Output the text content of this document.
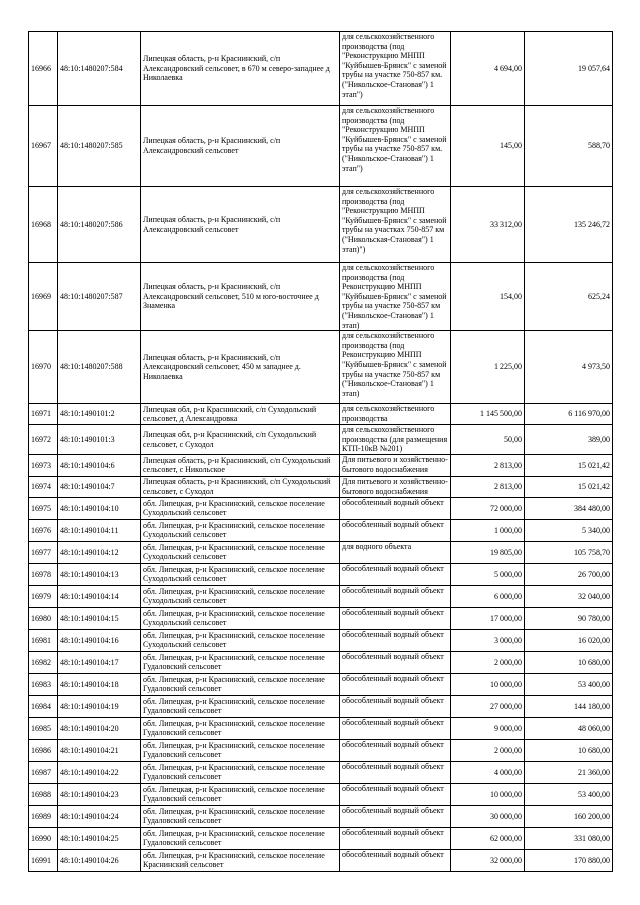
16966	48:10:1480207:584	Липецкая область, р-н Краснинский, с/п Александровский сельсовет, в 670 м северо-западнее д Николаевка	для сельскохозяйственного производства (под "Реконструкцию МНПП "Куйбышев-Брянск" с заменой трубы на участке 750-857 км. ("Никольское-Становая") 1 этап")	4 694,00	19 057,64
16967	48:10:1480207:585	Липецкая область, р-н Краснинский, с/п Александровский сельсовет	для сельскохозяйственного производства (под "Реконструкцию МНПП "Куйбышев-Брянск" с заменой трубы на участке 750-857 км. ("Никольское-Становая") 1 этап")	145,00	588,70
16968	48:10:1480207:586	Липецкая область, р-н Краснинский, с/п Александровский сельсовет	для сельскохозяйственного производства (под "Реконструкцию МНПП "Куйбышев-Брянск" с заменой трубы на участках 750-857 км ("Никольская-Становая") 1 этап)")	33 312,00	135 246,72
16969	48:10:1480207:587	Липецкая область, р-н Краснинский, с/п Александровский сельсовет, 510 м юго-восточнее д Знаменка	для сельскохозяйственного производства (под Реконструкцию МНПП "Куйбышев-Брянск" с заменой трубы на участке 750-857 км ("Никольское-Становая") 1 этап)	154,00	625,24
16970	48:10:1480207:588	Липецкая область, р-н Краснинский, с/п Александровский сельсовет, 450 м западнее д. Николаевка	для сельскохозяйственного производства (под Реконструкцию МНПП "Куйбышев-Брянск" с заменой трубы на участке 750-857 км ("Никольское-Становая") 1 этап)	1 225,00	4 973,50
16971	48:10:1490101:2	Липецкая обл, р-н Краснинский, с/п Суходольский сельсовет, д Александровка	для сельскохозяйственного производства	1 145 500,00	6 116 970,00
16972	48:10:1490101:3	Липецкая обл, р-н Краснинский, с/п Суходольский сельсовет, с Суходол	для сельскохозяйственного производства (для размещения КТП-10кВ №201)	50,00	389,00
16973	48:10:1490104:6	Липецкая область, р-н Краснинский, с/п Суходольский сельсовет, с Никольское	Для питьевого и хозяйственно-бытового водоснабжения	2 813,00	15 021,42
16974	48:10:1490104:7	Липецкая область, р-н Краснинский, с/п Суходольский сельсовет, с Суходол	Для питьевого и хозяйственно-бытового водоснабжения	2 813,00	15 021,42
16975	48:10:1490104:10	обл. Липецкая, р-н Краснинский, сельское поселение Суходольский сельсовет	обособленный водный объект	72 000,00	384 480,00
16976	48:10:1490104:11	обл. Липецкая, р-н Краснинский, сельское поселение Суходольский сельсовет	обособленный водный объект	1 000,00	5 340,00
16977	48:10:1490104:12	обл. Липецкая, р-н Краснинский, сельское поселение Суходольский сельсовет	для водного объекта	19 805,00	105 758,70
16978	48:10:1490104:13	обл. Липецкая, р-н Краснинский, сельское поселение Суходольский сельсовет	обособленный водный объект	5 000,00	26 700,00
16979	48:10:1490104:14	обл. Липецкая, р-н Краснинский, сельское поселение Суходольский сельсовет	обособленный водный объект	6 000,00	32 040,00
16980	48:10:1490104:15	обл. Липецкая, р-н Краснинский, сельское поселение Суходольский сельсовет	обособленный водный объект	17 000,00	90 780,00
16981	48:10:1490104:16	обл. Липецкая, р-н Краснинский, сельское поселение Суходольский сельсовет	обособленный водный объект	3 000,00	16 020,00
16982	48:10:1490104:17	обл. Липецкая, р-н Краснинский, сельское поселение Гудаловский сельсовет	обособленный водный объект	2 000,00	10 680,00
16983	48:10:1490104:18	обл. Липецкая, р-н Краснинский, сельское поселение Гудаловский сельсовет	обособленный водный объект	10 000,00	53 400,00
16984	48:10:1490104:19	обл. Липецкая, р-н Краснинский, сельское поселение Гудаловский сельсовет	обособленный водный объект	27 000,00	144 180,00
16985	48:10:1490104:20	обл. Липецкая, р-н Краснинский, сельское поселение Гудаловский сельсовет	обособленный водный объект	9 000,00	48 060,00
16986	48:10:1490104:21	обл. Липецкая, р-н Краснинский, сельское поселение Гудаловский сельсовет	обособленный водный объект	2 000,00	10 680,00
16987	48:10:1490104:22	обл. Липецкая, р-н Краснинский, сельское поселение Гудаловский сельсовет	обособленный водный объект	4 000,00	21 360,00
16988	48:10:1490104:23	обл. Липецкая, р-н Краснинский, сельское поселение Гудаловский сельсовет	обособленный водный объект	10 000,00	53 400,00
16989	48:10:1490104:24	обл. Липецкая, р-н Краснинский, сельское поселение Гудаловский сельсовет	обособленный водный объект	30 000,00	160 200,00
16990	48:10:1490104:25	обл. Липецкая, р-н Краснинский, сельское поселение Гудаловский сельсовет	обособленный водный объект	62 000,00	331 080,00
16991	48:10:1490104:26	обл. Липецкая, р-н Краснинский, сельское поселение Краснинский сельсовет	обособленный водный объект	32 000,00	170 880,00
